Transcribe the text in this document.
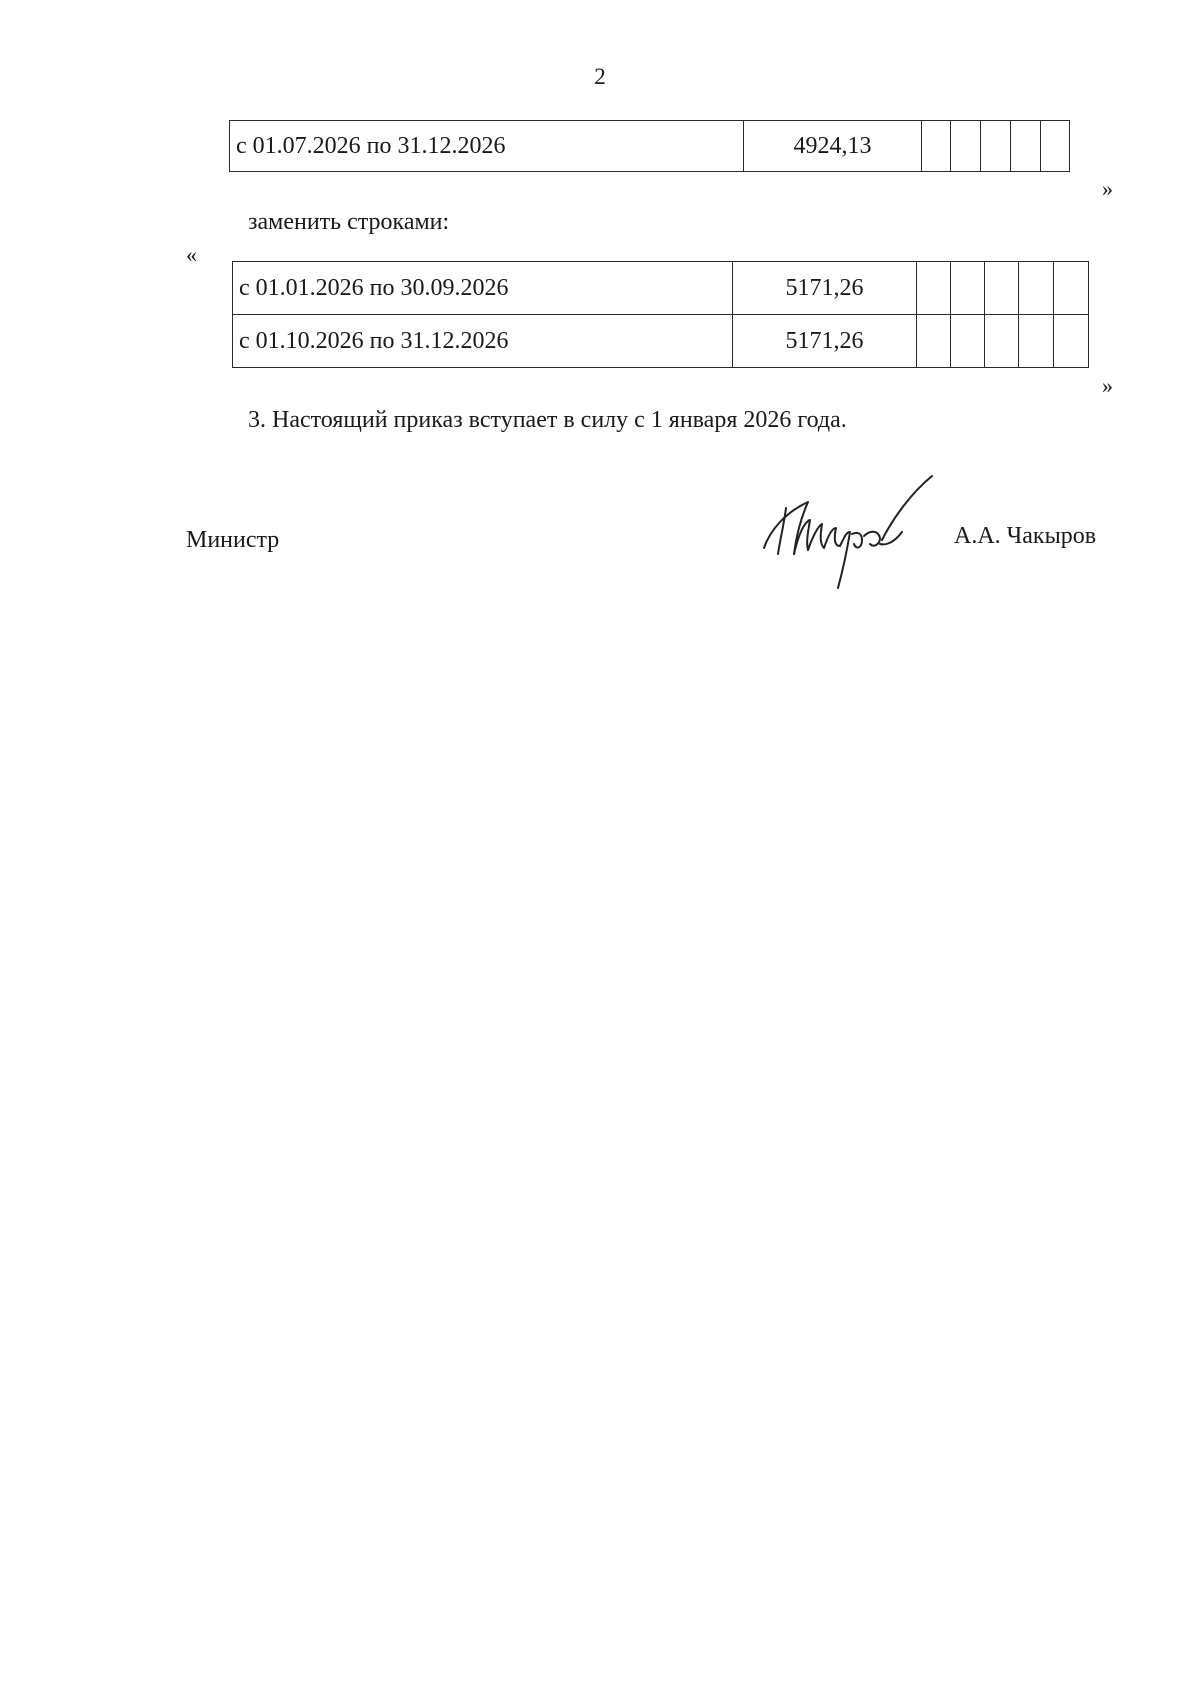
2
с 01.07.2026 по 31.12.2026	4924,13					
»
заменить строками:
«
с 01.01.2026 по 30.09.2026	5171,26					
с 01.10.2026 по 31.12.2026	5171,26					
»
3. Настоящий приказ вступает в силу с 1 января 2026 года.
Министр	А.А. Чакыров
